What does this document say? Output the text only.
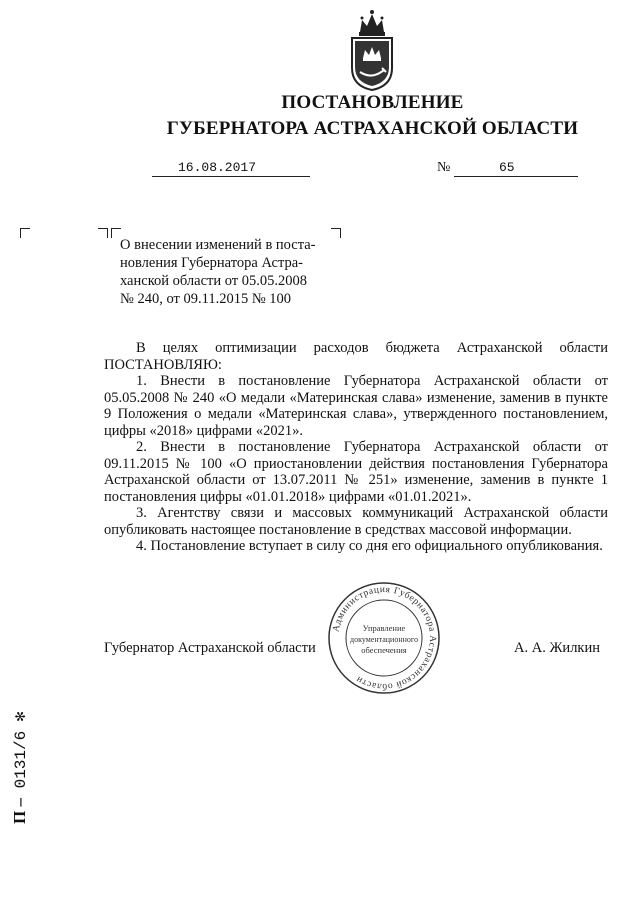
ПОСТАНОВЛЕНИЕ
ГУБЕРНАТОРА АСТРАХАНСКОЙ ОБЛАСТИ
16.08.2017	№	65
О внесении изменений в поста-
новления Губернатора Астра-
ханской области от 05.05.2008
№ 240, от 09.11.2015 № 100

В целях оптимизации расходов бюджета Астраханской области ПОСТАНОВЛЯЮ:

1. Внести в постановление Губернатора Астраханской области от 05.05.2008 № 240 «О медали «Материнская слава» изменение, заменив в пункте 9 Положения о медали «Материнская слава», утвержденного постановлением, цифры «2018» цифрами «2021».

2. Внести в постановление Губернатора Астраханской области от 09.11.2015 № 100 «О приостановлении действия постановления Губернатора Астраханской области от 13.07.2011 № 251» изменение, заменив в пункте 1 постановления цифры «01.01.2018» цифрами «01.01.2021».

3. Агентству связи и массовых коммуникаций Астраханской области опубликовать настоящее постановление в средствах массовой информации.

4. Постановление вступает в силу со дня его официального опубликования.

Губернатор Астраханской области	А. А. Жилкин
Администрация Губернатора Астраханской области
Управление
документационного
обеспечения
П – 0131/6 ✻
